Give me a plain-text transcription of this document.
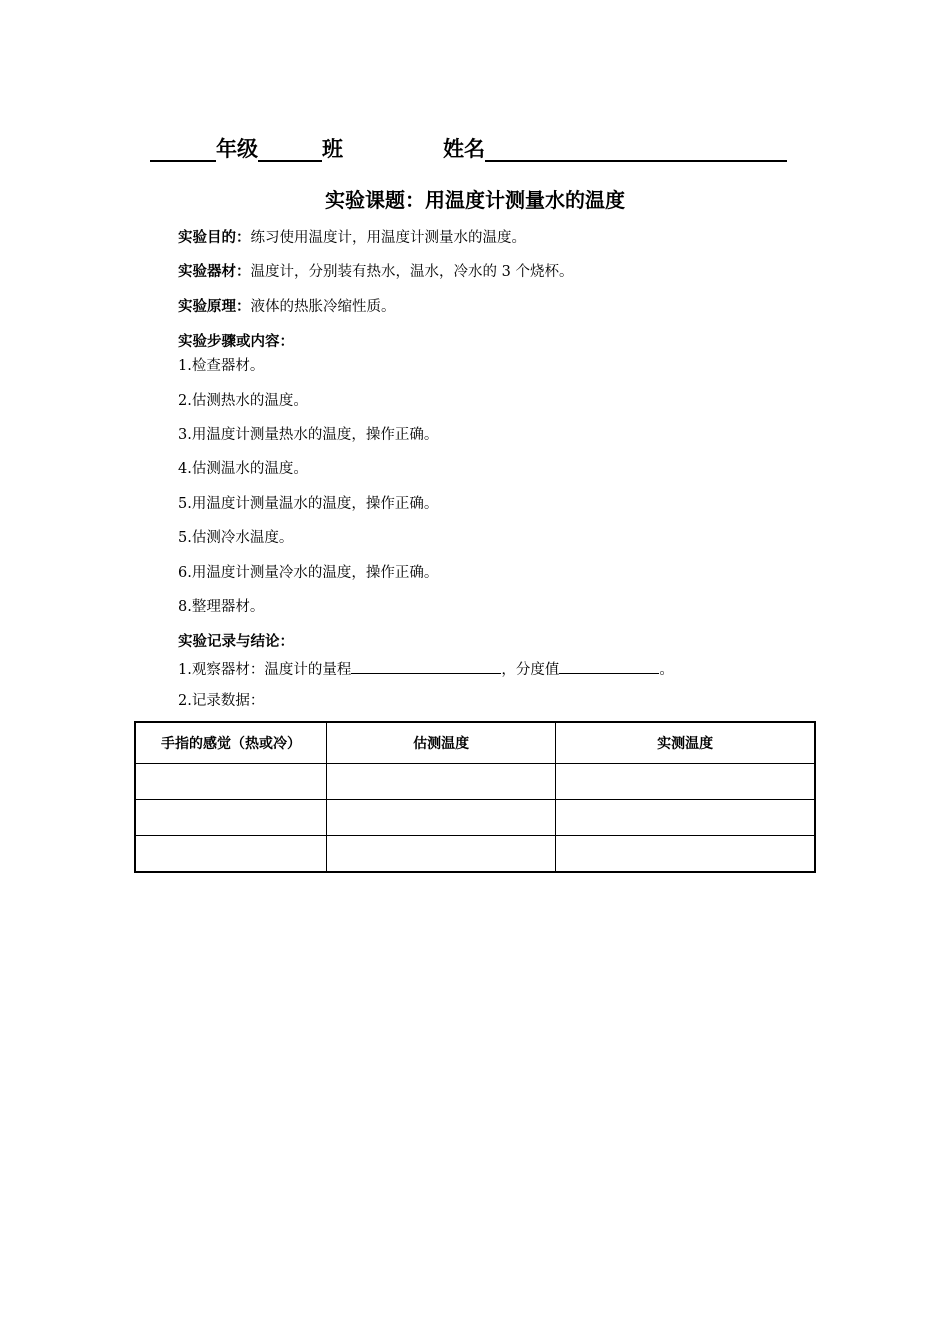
年级	班	姓名
实验课题：用温度计测量水的温度
实验目的：练习使用温度计，用温度计测量水的温度。
实验器材：温度计，分别装有热水，温水，冷水的 3 个烧杯。
实验原理：液体的热胀冷缩性质。
实验步骤或内容：
1.检查器材。
2.估测热水的温度。
3.用温度计测量热水的温度，操作正确。
4.估测温水的温度。
5.用温度计测量温水的温度，操作正确。
5.估测冷水温度。
6.用温度计测量冷水的温度，操作正确。
8.整理器材。
实验记录与结论：
1.观察器材：温度计的量程	，分度值	。
2.记录数据：
手指的感觉（热或冷）	估测温度	实测温度
